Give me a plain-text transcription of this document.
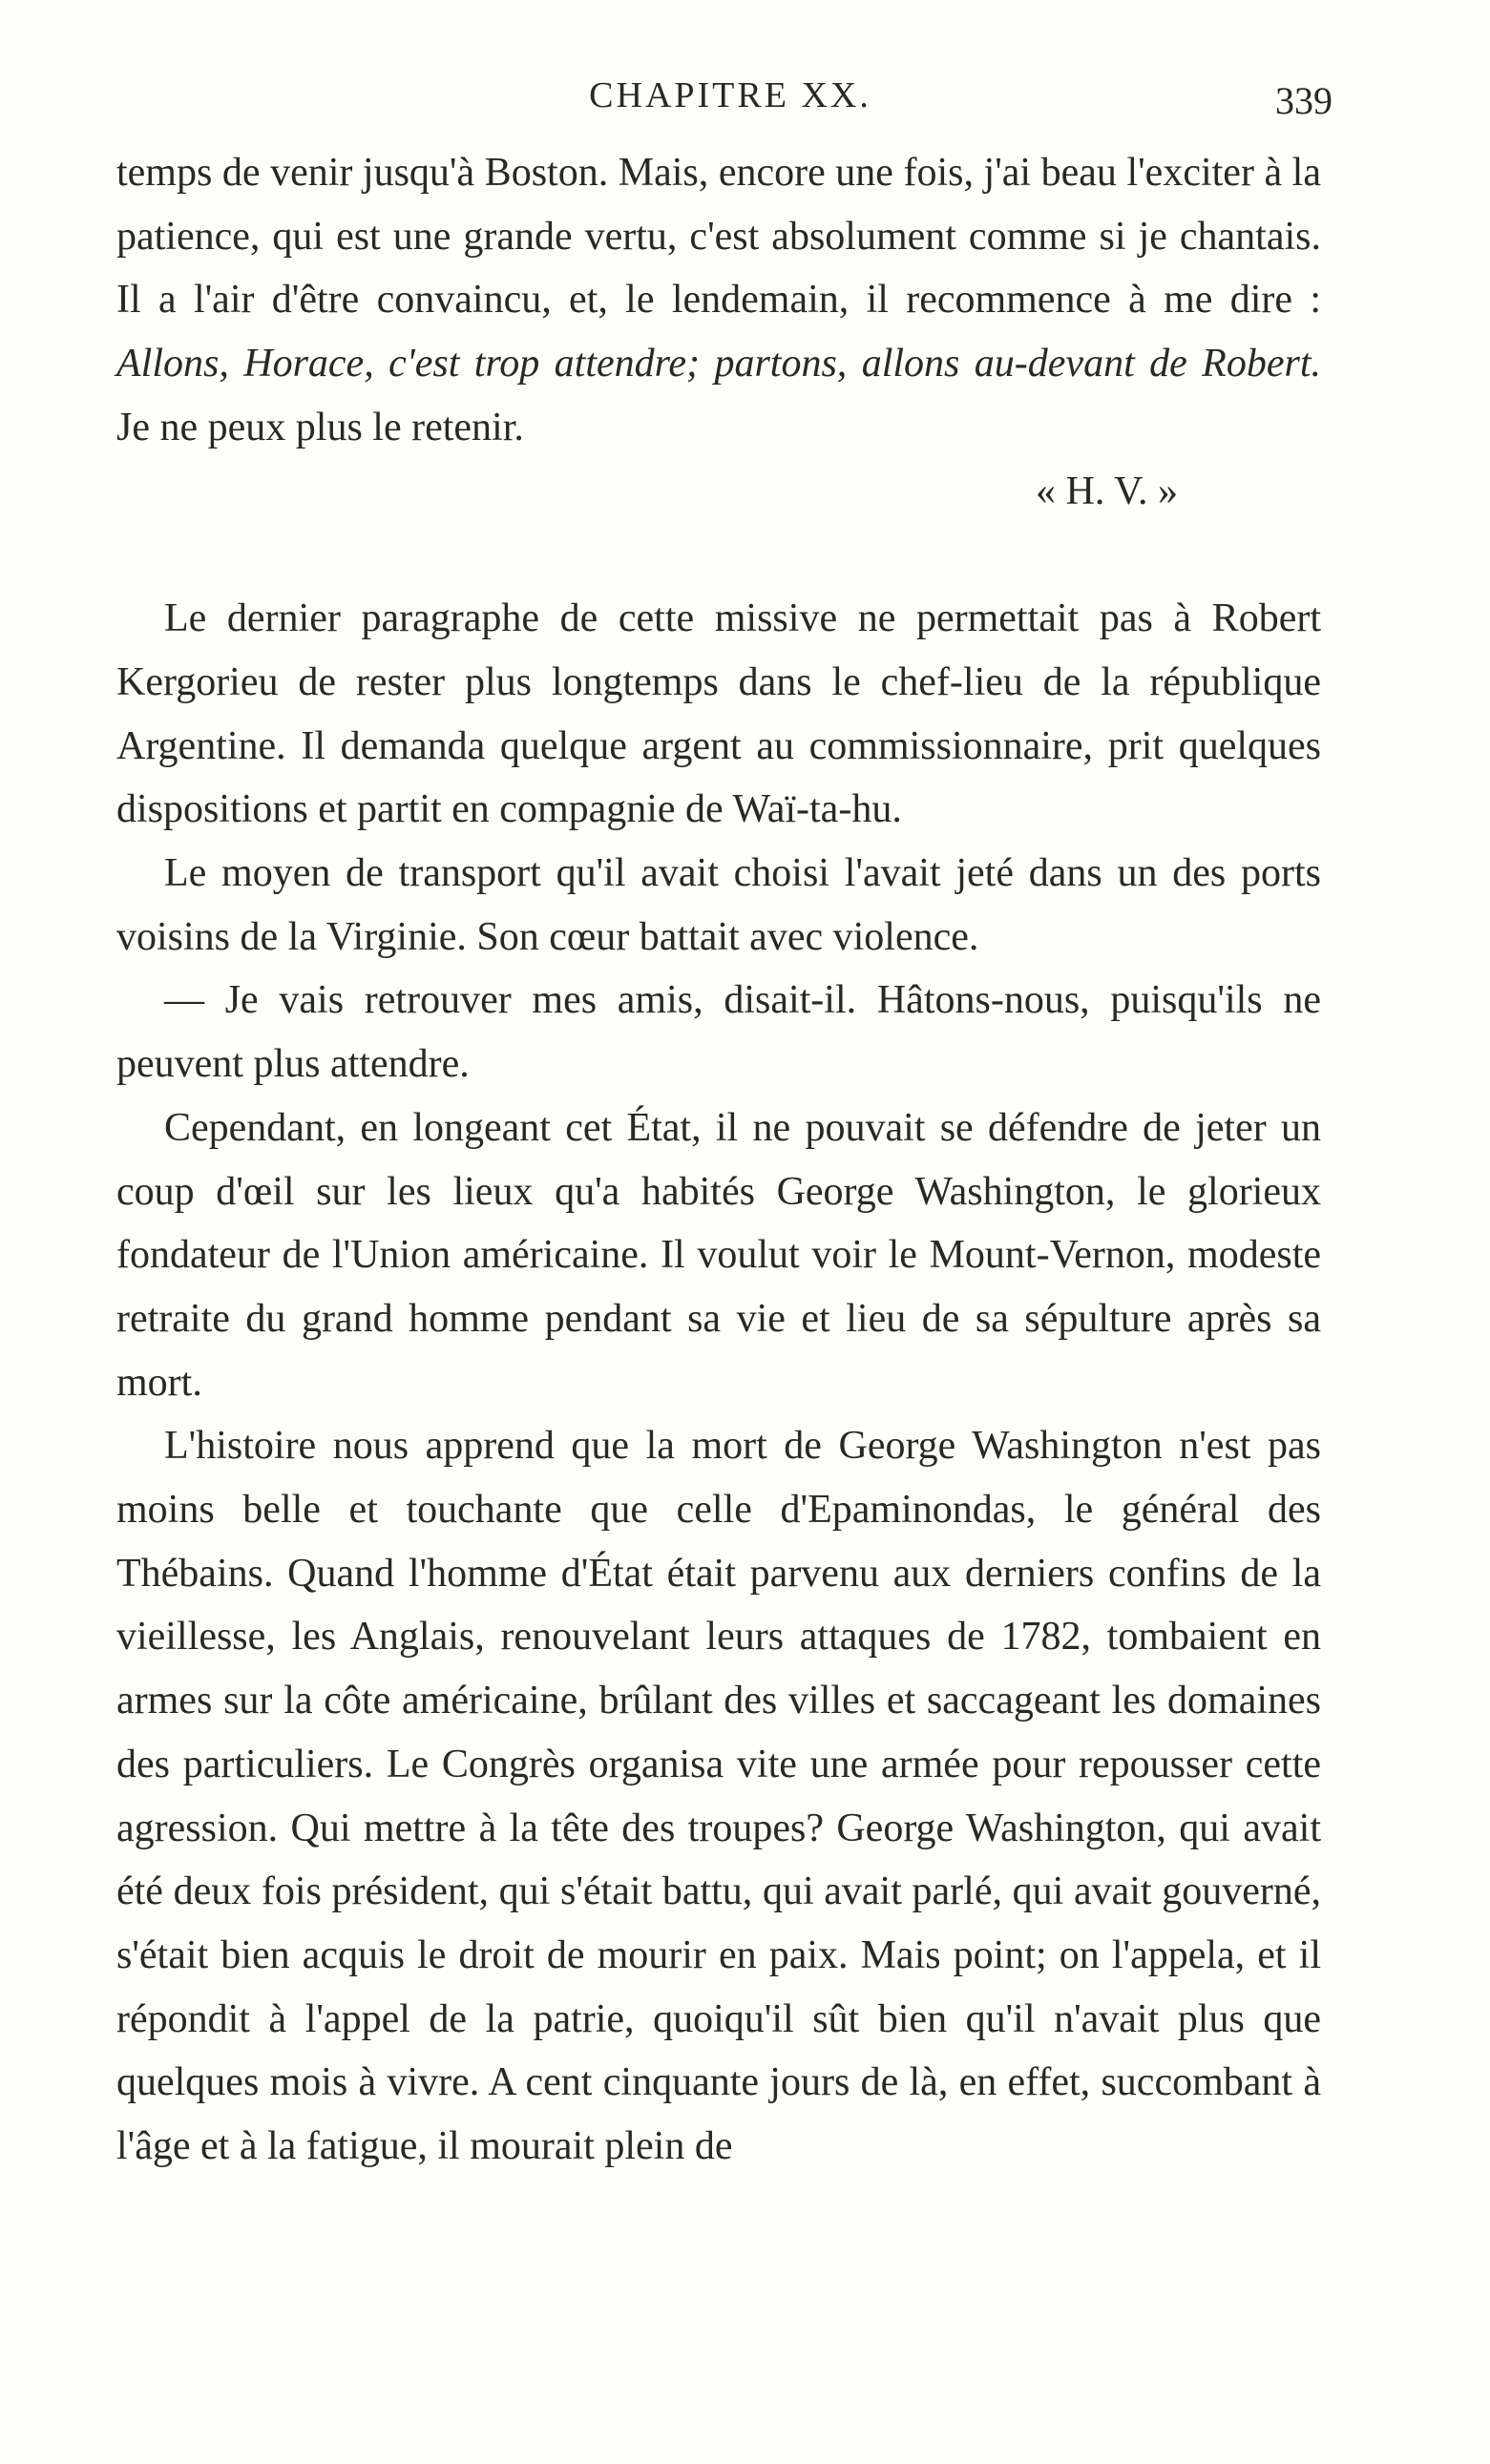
CHAPITRE XX.	339

temps de venir jusqu'à Boston. Mais, encore une fois, j'ai beau l'exciter à la patience, qui est une grande vertu, c'est absolument comme si je chantais. Il a l'air d'être convaincu, et, le lendemain, il recommence à me dire : Allons, Horace, c'est trop attendre; partons, allons au-devant de Robert. Je ne peux plus le retenir.

« H. V. »

Le dernier paragraphe de cette missive ne permettait pas à Robert Kergorieu de rester plus longtemps dans le chef-lieu de la république Argentine. Il demanda quelque argent au commissionnaire, prit quelques dispositions et partit en compagnie de Waï-ta-hu.

Le moyen de transport qu'il avait choisi l'avait jeté dans un des ports voisins de la Virginie. Son cœur battait avec violence.

— Je vais retrouver mes amis, disait-il. Hâtons-nous, puisqu'ils ne peuvent plus attendre.

Cependant, en longeant cet État, il ne pouvait se défendre de jeter un coup d'œil sur les lieux qu'a habités George Washington, le glorieux fondateur de l'Union américaine. Il voulut voir le Mount-Vernon, modeste retraite du grand homme pendant sa vie et lieu de sa sépulture après sa mort.

L'histoire nous apprend que la mort de George Washington n'est pas moins belle et touchante que celle d'Epaminondas, le général des Thébains. Quand l'homme d'État était parvenu aux derniers confins de la vieillesse, les Anglais, renouvelant leurs attaques de 1782, tombaient en armes sur la côte américaine, brûlant des villes et saccageant les domaines des particuliers. Le Congrès organisa vite une armée pour repousser cette agression. Qui mettre à la tête des troupes? George Washington, qui avait été deux fois président, qui s'était battu, qui avait parlé, qui avait gouverné, s'était bien acquis le droit de mourir en paix. Mais point; on l'appela, et il répondit à l'appel de la patrie, quoiqu'il sût bien qu'il n'avait plus que quelques mois à vivre. A cent cinquante jours de là, en effet, succombant à l'âge et à la fatigue, il mourait plein de
